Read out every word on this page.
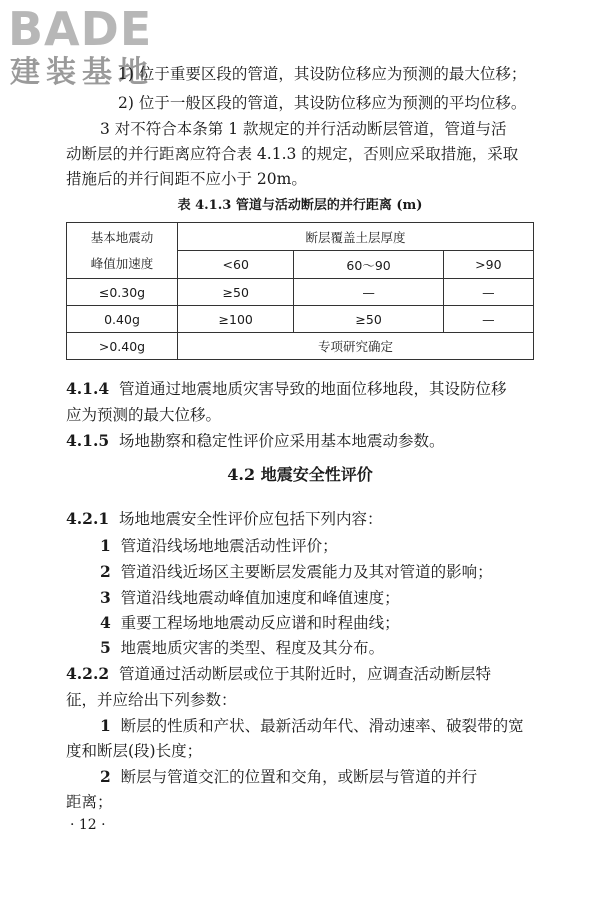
BADE
建装基地
1) 位于重要区段的管道，其设防位移应为预测的最大位移；
2) 位于一般区段的管道，其设防位移应为预测的平均位移。
3 对不符合本条第 1 款规定的并行活动断层管道，管道与活
动断层的并行距离应符合表 4.1.3 的规定，否则应采取措施，采取
措施后的并行间距不应小于 20m。
表 4.1.3 管道与活动断层的并行距离 (m)
基本地震动
峰值加速度	断层覆盖土层厚度		
	<60	60～90	>90
≤0.30g	≥50	—	—
0.40g	≥100	≥50	—
>0.40g	专项研究确定		
4.1.4 管道通过地震地质灾害导致的地面位移地段，其设防位移
应为预测的最大位移。
4.1.5 场地勘察和稳定性评价应采用基本地震动参数。
4.2 地震安全性评价
4.2.1 场地地震安全性评价应包括下列内容：
1 管道沿线场地地震活动性评价；
2 管道沿线近场区主要断层发震能力及其对管道的影响；
3 管道沿线地震动峰值加速度和峰值速度；
4 重要工程场地地震动反应谱和时程曲线；
5 地震地质灾害的类型、程度及其分布。
4.2.2 管道通过活动断层或位于其附近时，应调查活动断层特
征，并应给出下列参数：
1 断层的性质和产状、最新活动年代、滑动速率、破裂带的宽
度和断层(段)长度；
2 断层与管道交汇的位置和交角，或断层与管道的并行
距离；
· 12 ·
